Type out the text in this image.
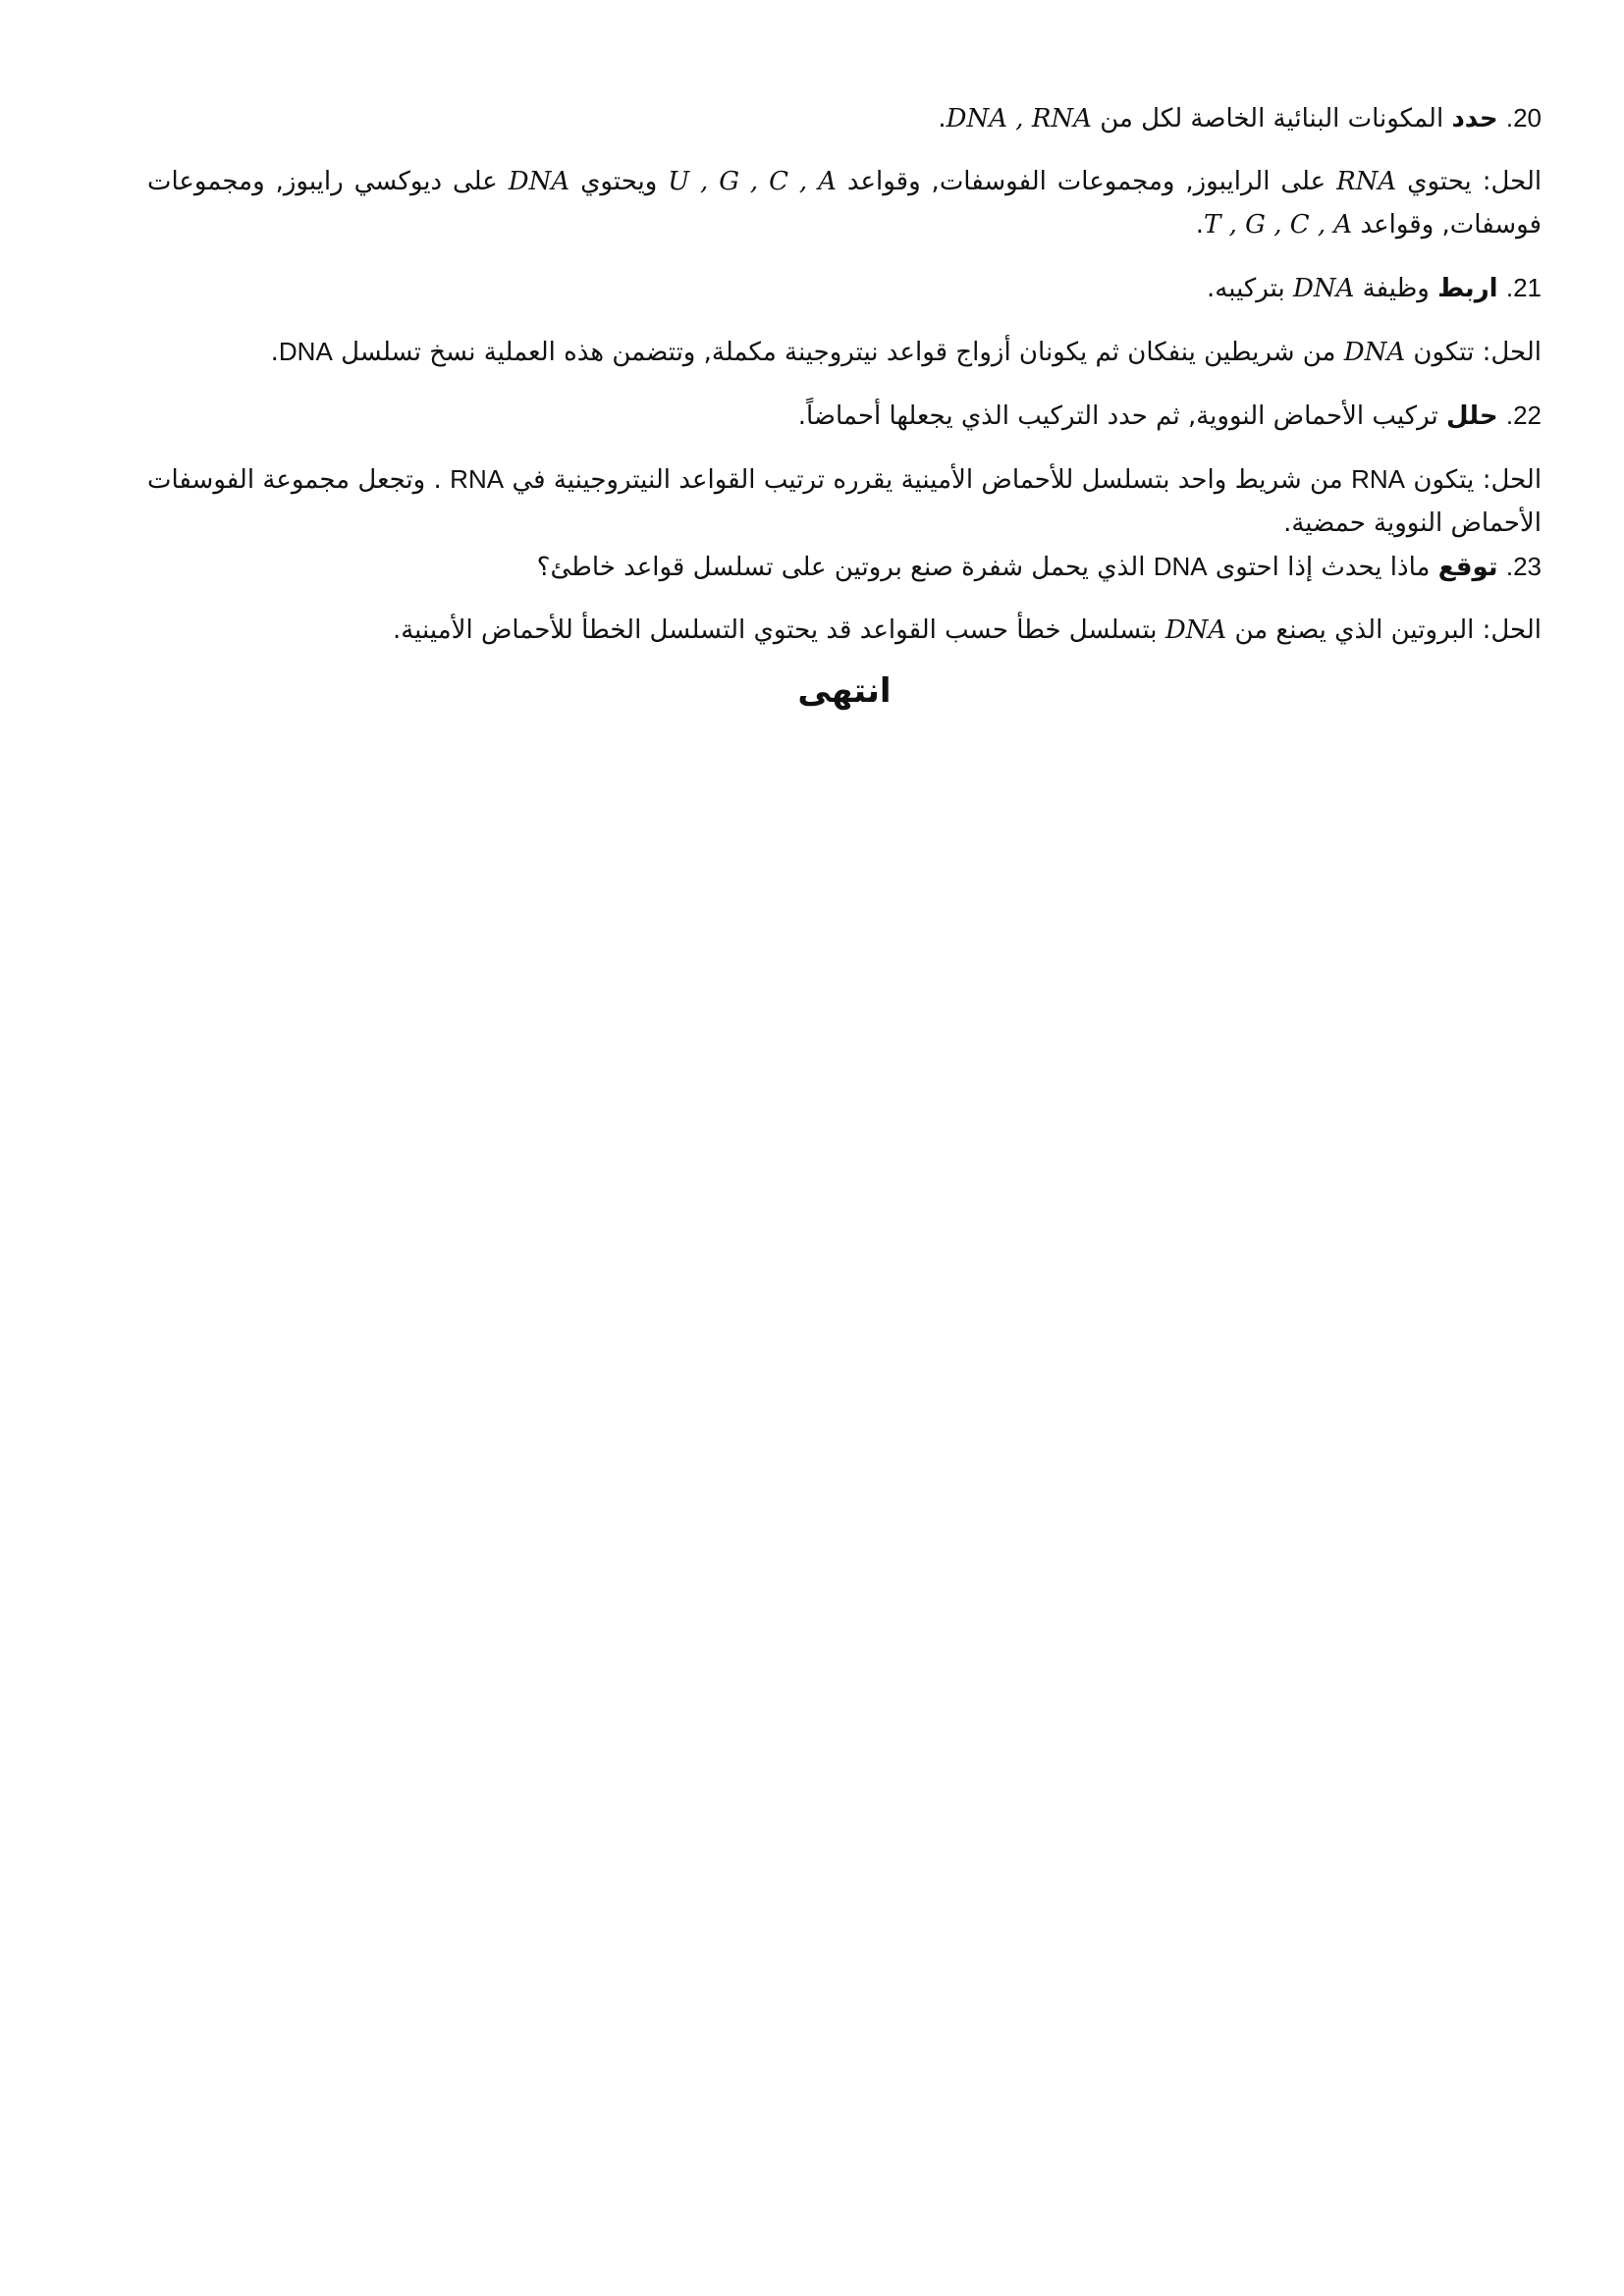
20. حدد المكونات البنائية الخاصة لكل من DNA , RNA.

الحل: يحتوي RNA على الرايبوز, ومجموعات الفوسفات, وقواعد U , G , C , A ويحتوي DNA على ديوكسي رايبوز, ومجموعات فوسفات, وقواعد T , G , C , A.

21. اربط وظيفة DNA بتركيبه.

الحل: تتكون DNA من شريطين ينفكان ثم يكونان أزواج قواعد نيتروجينة مكملة, وتتضمن هذه العملية نسخ تسلسل DNA.

22. حلل تركيب الأحماض النووية, ثم حدد التركيب الذي يجعلها أحماضاً.

الحل: يتكون RNA من شريط واحد بتسلسل للأحماض الأمينية يقرره ترتيب القواعد النيتروجينية في RNA . وتجعل مجموعة الفوسفات الأحماض النووية حمضية.

23. توقع ماذا يحدث إذا احتوى DNA الذي يحمل شفرة صنع بروتين على تسلسل قواعد خاطئ؟

الحل: البروتين الذي يصنع من DNA بتسلسل خطأ حسب القواعد قد يحتوي التسلسل الخطأ للأحماض الأمينية.

انتهى
